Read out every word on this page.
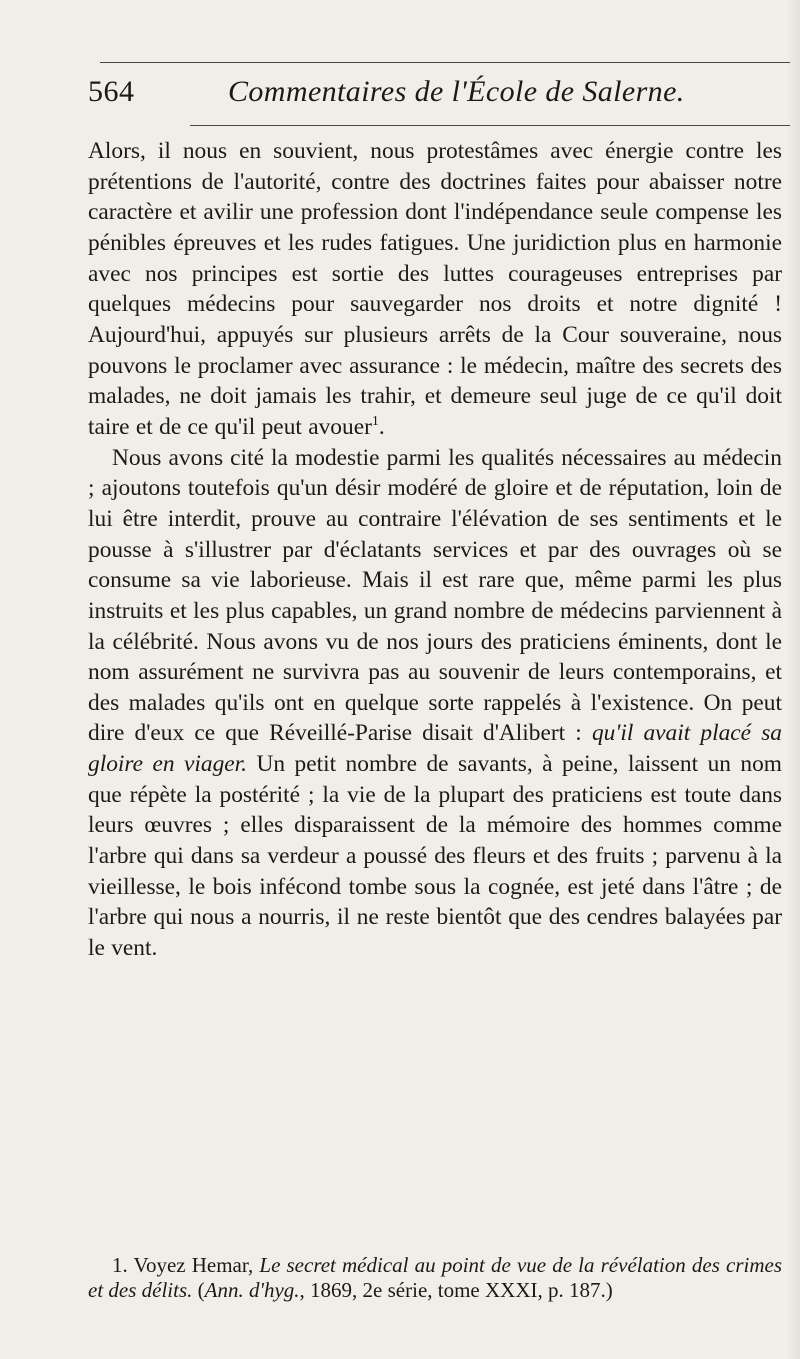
564	Commentaires de l'École de Salerne.

Alors, il nous en souvient, nous protestâmes avec énergie contre les prétentions de l'autorité, contre des doctrines faites pour abaisser notre caractère et avilir une profession dont l'indépendance seule compense les pénibles épreuves et les rudes fatigues. Une juridiction plus en harmonie avec nos principes est sortie des luttes courageuses entreprises par quelques médecins pour sauvegarder nos droits et notre dignité ! Aujourd'hui, appuyés sur plusieurs arrêts de la Cour souveraine, nous pouvons le proclamer avec assurance : le médecin, maître des secrets des malades, ne doit jamais les trahir, et demeure seul juge de ce qu'il doit taire et de ce qu'il peut avouer$^1$.

Nous avons cité la modestie parmi les qualités nécessaires au médecin ; ajoutons toutefois qu'un désir modéré de gloire et de réputation, loin de lui être interdit, prouve au contraire l'élévation de ses sentiments et le pousse à s'illustrer par d'éclatants services et par des ouvrages où se consume sa vie laborieuse. Mais il est rare que, même parmi les plus instruits et les plus capables, un grand nombre de médecins parviennent à la célébrité. Nous avons vu de nos jours des praticiens éminents, dont le nom assurément ne survivra pas au souvenir de leurs contemporains, et des malades qu'ils ont en quelque sorte rappelés à l'existence. On peut dire d'eux ce que Réveillé-Parise disait d'Alibert : qu'il avait placé sa gloire en viager. Un petit nombre de savants, à peine, laissent un nom que répète la postérité ; la vie de la plupart des praticiens est toute dans leurs œuvres ; elles disparaissent de la mémoire des hommes comme l'arbre qui dans sa verdeur a poussé des fleurs et des fruits ; parvenu à la vieillesse, le bois infécond tombe sous la cognée, est jeté dans l'âtre ; de l'arbre qui nous a nourris, il ne reste bientôt que des cendres balayées par le vent.

1. Voyez Hemar, Le secret médical au point de vue de la révélation des crimes et des délits. (Ann. d'hyg., 1869, 2e série, tome XXXI, p. 187.)
